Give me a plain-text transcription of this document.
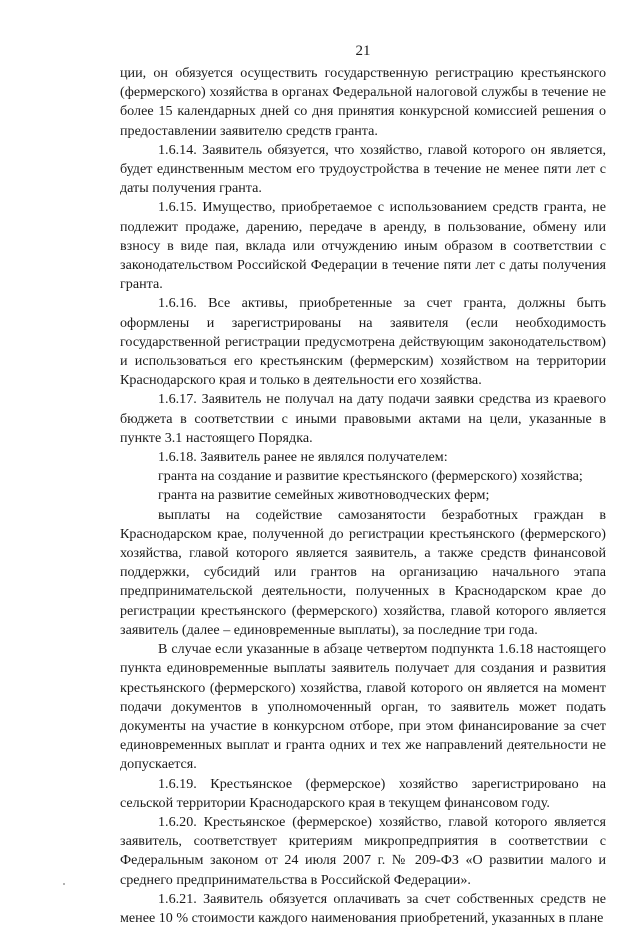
21

ции, он обязуется осуществить государственную регистрацию крестьянского (фермерского) хозяйства в органах Федеральной налоговой службы в течение не более 15 календарных дней со дня принятия конкурсной комиссией решения о предоставлении заявителю средств гранта.

1.6.14. Заявитель обязуется, что хозяйство, главой которого он является, будет единственным местом его трудоустройства в течение не менее пяти лет с даты получения гранта.

1.6.15. Имущество, приобретаемое с использованием средств гранта, не подлежит продаже, дарению, передаче в аренду, в пользование, обмену или взносу в виде пая, вклада или отчуждению иным образом в соответствии с законодательством Российской Федерации в течение пяти лет с даты получения гранта.

1.6.16. Все активы, приобретенные за счет гранта, должны быть оформлены и зарегистрированы на заявителя (если необходимость государственной регистрации предусмотрена действующим законодательством) и использоваться его крестьянским (фермерским) хозяйством на территории Краснодарского края и только в деятельности его хозяйства.

1.6.17. Заявитель не получал на дату подачи заявки средства из краевого бюджета в соответствии с иными правовыми актами на цели, указанные в пункте 3.1 настоящего Порядка.

1.6.18. Заявитель ранее не являлся получателем:

гранта на создание и развитие крестьянского (фермерского) хозяйства;

гранта на развитие семейных животноводческих ферм;

выплаты на содействие самозанятости безработных граждан в Краснодарском крае, полученной до регистрации крестьянского (фермерского) хозяйства, главой которого является заявитель, а также средств финансовой поддержки, субсидий или грантов на организацию начального этапа предпринимательской деятельности, полученных в Краснодарском крае до регистрации крестьянского (фермерского) хозяйства, главой которого является заявитель (далее – единовременные выплаты), за последние три года.

В случае если указанные в абзаце четвертом подпункта 1.6.18 настоящего пункта единовременные выплаты заявитель получает для создания и развития крестьянского (фермерского) хозяйства, главой которого он является на момент подачи документов в уполномоченный орган, то заявитель может подать документы на участие в конкурсном отборе, при этом финансирование за счет единовременных выплат и гранта одних и тех же направлений деятельности не допускается.

1.6.19. Крестьянское (фермерское) хозяйство зарегистрировано на сельской территории Краснодарского края в текущем финансовом году.

1.6.20. Крестьянское (фермерское) хозяйство, главой которого является заявитель, соответствует критериям микропредприятия в соответствии с Федеральным законом от 24 июля 2007 г. № 209-ФЗ «О развитии малого и среднего предпринимательства в Российской Федерации».

1.6.21. Заявитель обязуется оплачивать за счет собственных средств не менее 10 % стоимости каждого наименования приобретений, указанных в плане
